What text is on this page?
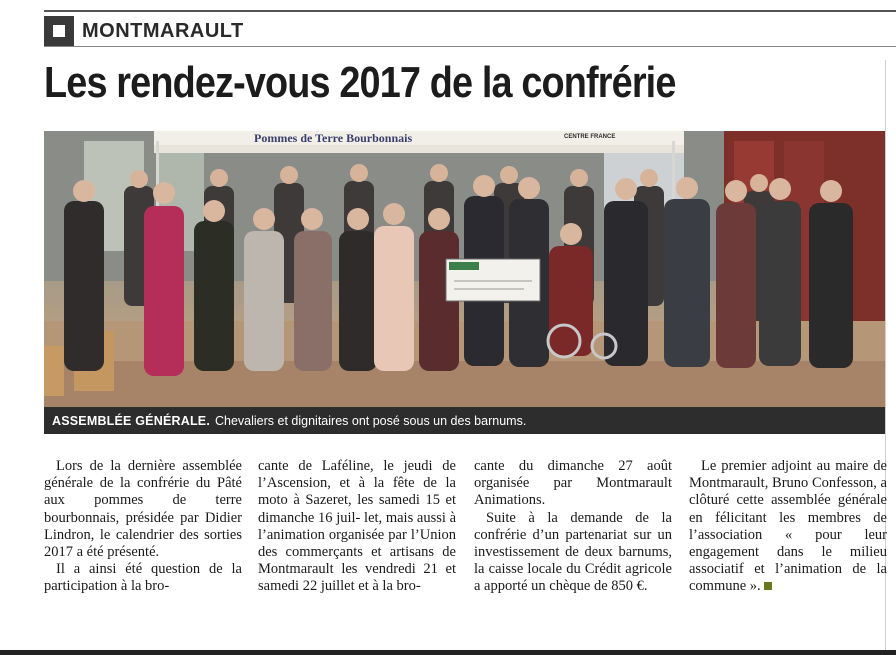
MONTMARAULT
Les rendez-vous 2017 de la confrérie
Pommes de Terre Bourbonnais	CENTRE FRANCE
ASSEMBLÉE GÉNÉRALE. Chevaliers et dignitaires ont posé sous un des barnums.

Lors de la dernière assemblée générale de la confrérie du Pâté aux pommes de terre bourbonnais, présidée par Didier Lindron, le calendrier des sorties 2017 a été présenté.

Il a ainsi été question de la participation à la bro-

cante de Laféline, le jeudi de l’Ascension, et à la fête de la moto à Sazeret, les samedi 15 et dimanche 16 juil- let, mais aussi à l’animation organisée par l’Union des commerçants et artisans de Montmarault les vendredi 21 et samedi 22 juillet et à la bro-

cante du dimanche 27 août organisée par Montmarault Animations.

Suite à la demande de la confrérie d’un partenariat sur un investissement de deux barnums, la caisse locale du Crédit agricole a apporté un chèque de 850 €.

Le premier adjoint au maire de Montmarault, Bruno Confesson, a clôturé cette assemblée générale en félicitant les membres de l’association « pour leur engagement dans le milieu associatif et l’animation de la commune ».
